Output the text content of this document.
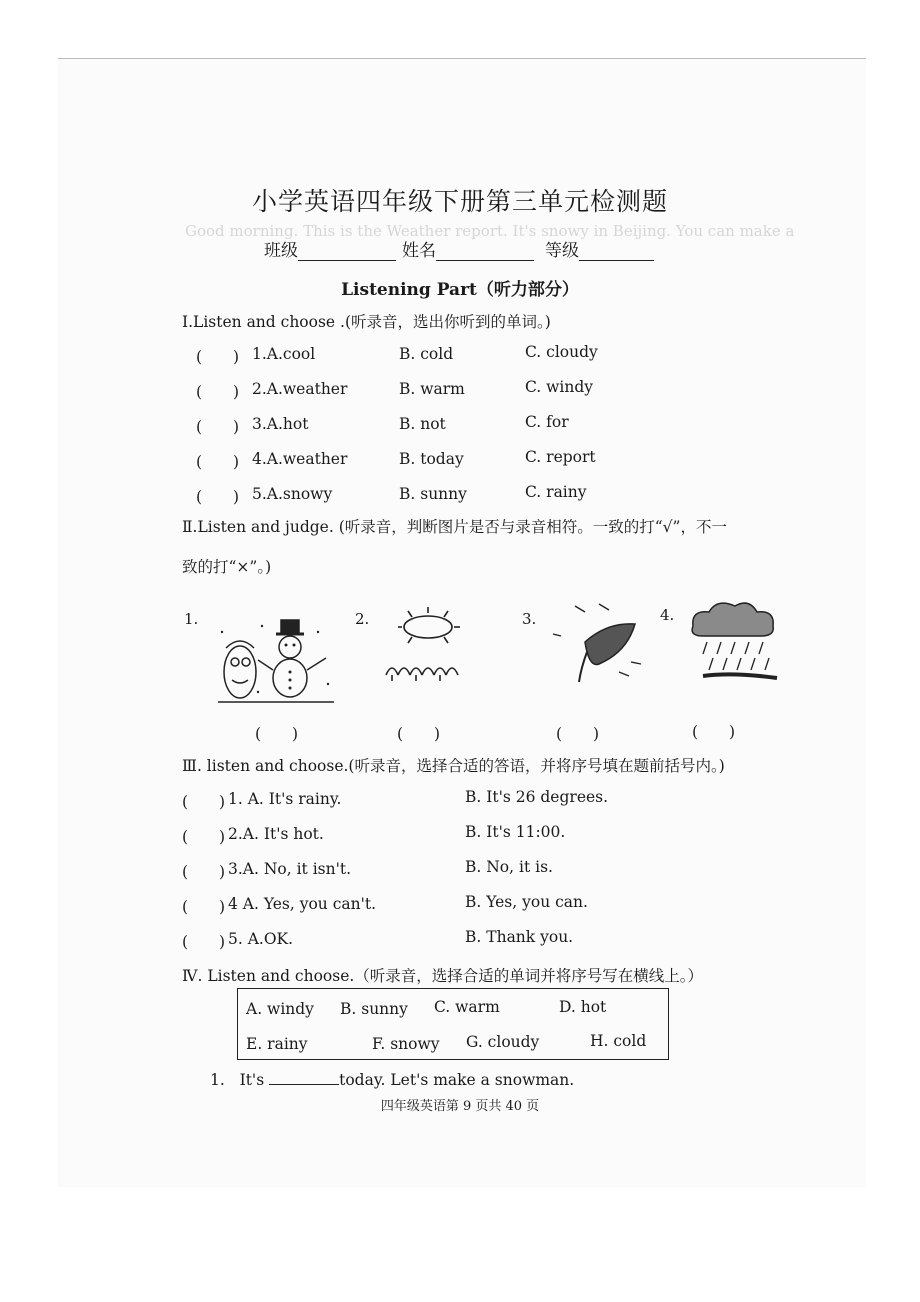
Good morning. This is the Weather report. It's snowy in Beijing. You can make a
小学英语四年级下册第三单元检测题
班级	姓名	等级
Listening Part（听力部分）
Ⅰ.Listen and choose .(听录音，选出你听到的单词。)
(　　) 1.A.cool	B. cold	C. cloudy
(　　) 2.A.weather	B. warm	C. windy
(　　) 3.A.hot	B. not	C. for
(　　) 4.A.weather	B. today	C. report
(　　) 5.A.snowy	B. sunny	C. rainy
Ⅱ.Listen and judge. (听录音，判断图片是否与录音相符。一致的打“√”，不一
致的打“×”。)
1.	2.	3.	4.
(　　)	(　　)	(　　)	(　　)
Ⅲ. listen and choose.(听录音，选择合适的答语，并将序号填在题前括号内。)
(　　) 1. A. It's rainy.	B. It's 26 degrees.
(　　) 2.A. It's hot.	B. It's 11:00.
(　　) 3.A. No, it isn't.	B. No, it is.
(　　) 4 A. Yes, you can't.	B. Yes, you can.
(　　) 5. A.OK.	B. Thank you.
Ⅳ. Listen and choose.（听录音，选择合适的单词并将序号写在横线上。）
A. windy B. sunny C. warm	D. hot
E. rainy	F. snowy G. cloudy	H. cold
1. It's	today. Let's make a snowman.
四年级英语第 9 页共 40 页
